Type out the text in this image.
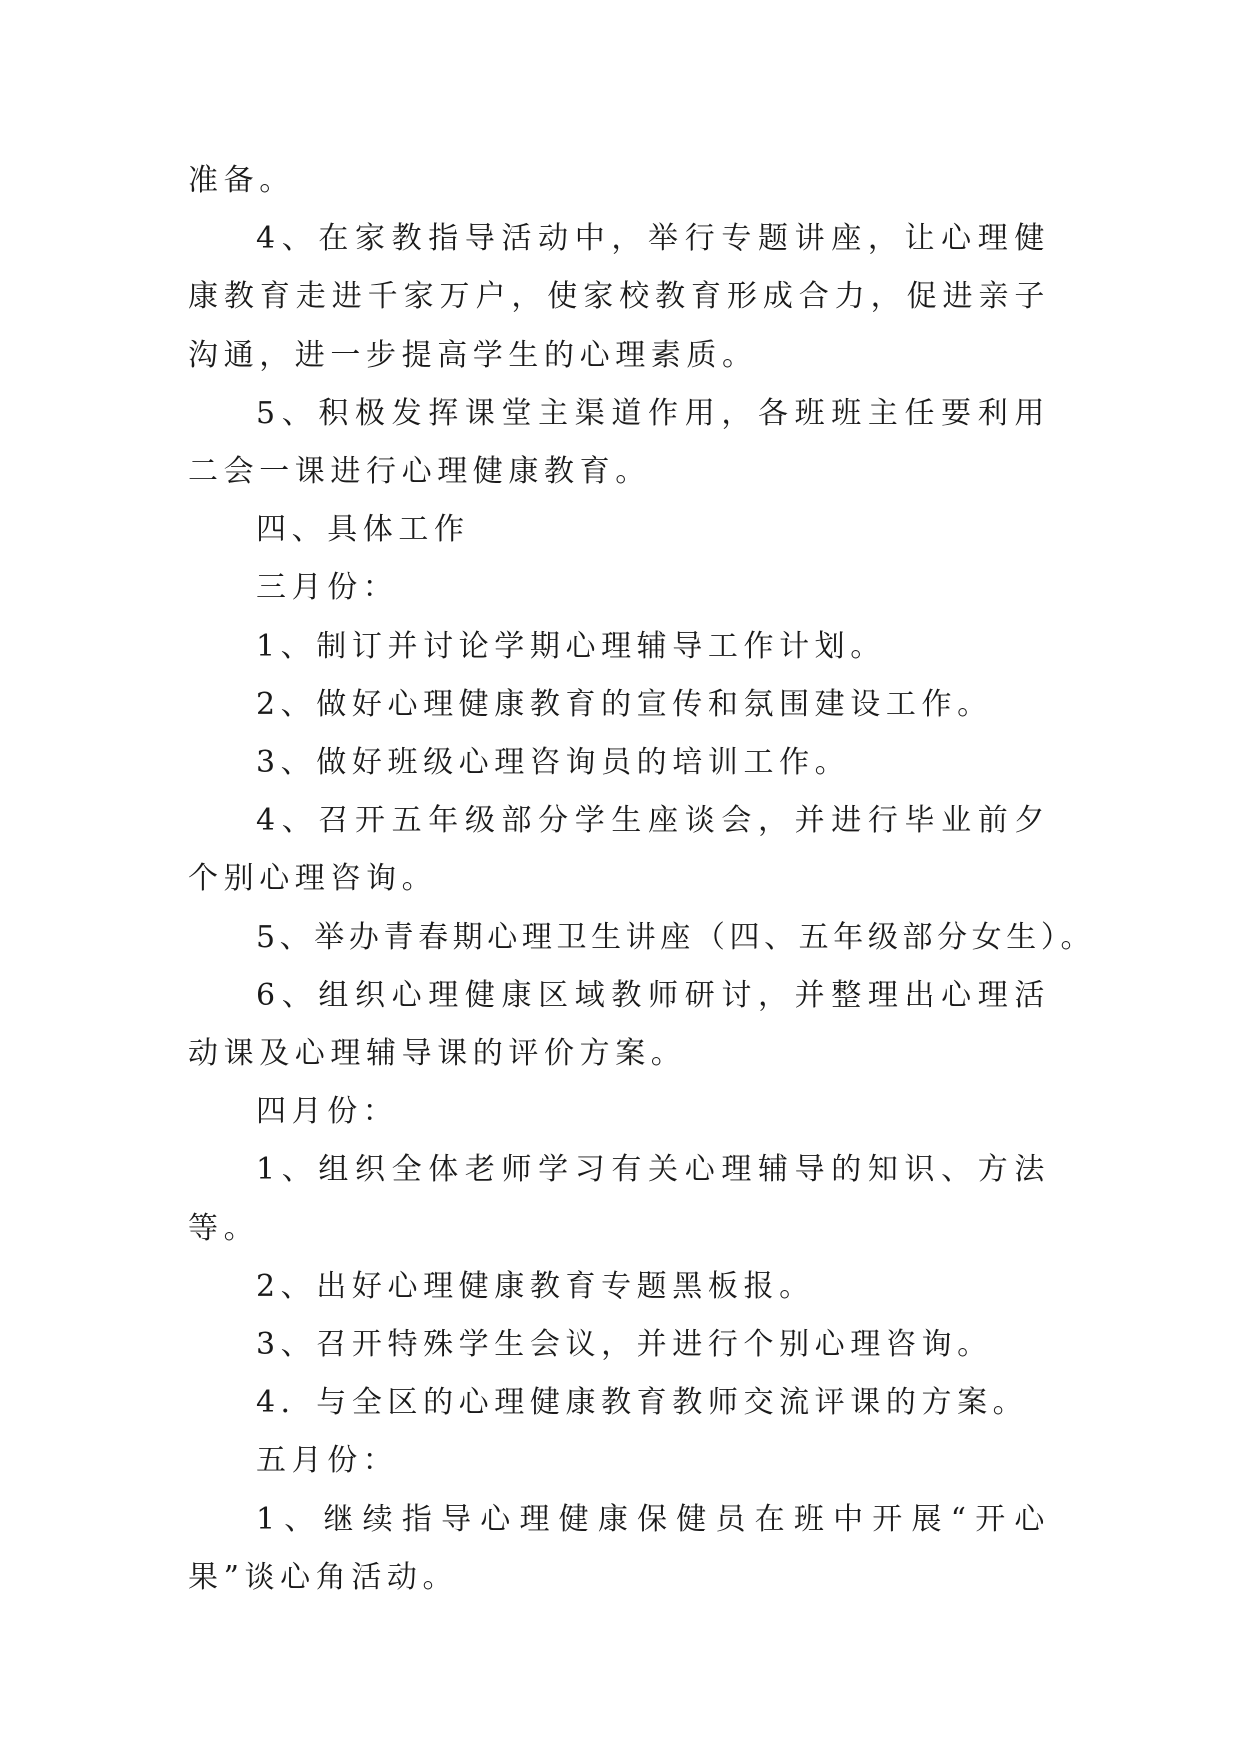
准备。

4、在家教指导活动中，举行专题讲座，让心理健康教育走进千家万户，使家校教育形成合力，促进亲子沟通，进一步提高学生的心理素质。

5、积极发挥课堂主渠道作用，各班班主任要利用二会一课进行心理健康教育。

四、具体工作

三月份：

1、制订并讨论学期心理辅导工作计划。

2、做好心理健康教育的宣传和氛围建设工作。

3、做好班级心理咨询员的培训工作。

4、召开五年级部分学生座谈会，并进行毕业前夕个别心理咨询。

5、举办青春期心理卫生讲座（四、五年级部分女生）。

6、组织心理健康区域教师研讨，并整理出心理活动课及心理辅导课的评价方案。

四月份：

1、组织全体老师学习有关心理辅导的知识、方法等。

2、出好心理健康教育专题黑板报。

3、召开特殊学生会议，并进行个别心理咨询。

4．与全区的心理健康教育教师交流评课的方案。

五月份：

1、继续指导心理健康保健员在班中开展“开心果”谈心角活动。
